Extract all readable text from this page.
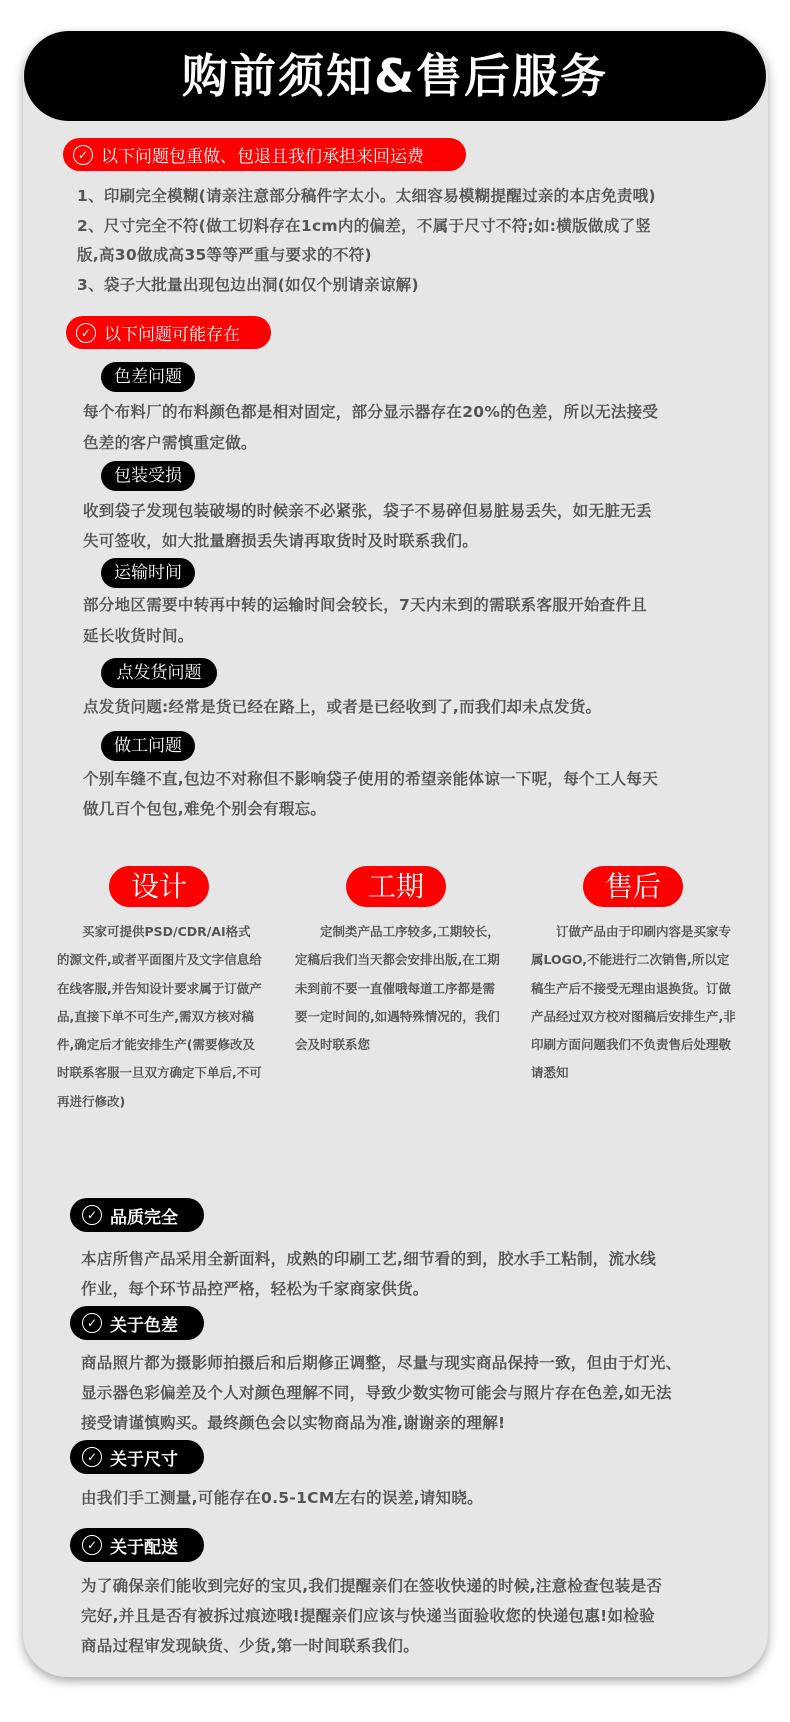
购前须知&售后服务
✓ 以下问题包重做、包退且我们承担来回运费
1、印刷完全模糊(请亲注意部分稿件字太小。太细容易模糊提醒过亲的本店免责哦)
2、尺寸完全不符(做工切料存在1cm内的偏差，不属于尺寸不符;如:横版做成了竖
版,高30做成高35等等严重与要求的不符)
3、袋子大批量出现包边出洞(如仅个别请亲谅解)
✓ 以下问题可能存在
色差问题
每个布料厂的布料颜色都是相对固定，部分显示器存在20%的色差，所以无法接受
色差的客户需慎重定做。
包装受损
收到袋子发现包装破埸的时候亲不必紧张，袋子不易碎但易脏易丢失，如无脏无丢
失可签收，如大批量磨损丢失请再取货时及时联系我们。
运输时间
部分地区需要中转再中转的运输时间会较长，7天内未到的需联系客服开始查件且
延长收货时间。
点发货问题
点发货问题:经常是货已经在路上，或者是已经收到了,而我们却未点发货。
做工问题
个别车缝不直,包边不对称但不影响袋子使用的希望亲能体谅一下呢，每个工人每天
做几百个包包,难免个别会有瑕忘。
设计	工期	售后

买家可提供PSD/CDR/AI格式的源文件,或者平面图片及文字信息给在线客服,并告知设计要求属于订做产品,直接下单不可生产,需双方核对稿件,确定后才能安排生产(需要修改及时联系客服一旦双方确定下单后,不可再进行修改)

定制类产品工序较多,工期较长，定稿后我们当天都会安排出版,在工期未到前不要一直催哦每道工序都是需要一定时间的,如遇特殊情况的，我们会及时联系您

订做产品由于印刷内容是买家专属LOGO,不能进行二次销售,所以定稿生产后不接受无理由退换货。订做产品经过双方校对图稿后安排生产,非印刷方面问题我们不负责售后处理敬请悉知

✓ 品质完全
本店所售产品采用全新面料，成熟的印刷工艺,细节看的到，胶水手工粘制，流水线
作业，每个环节品控严格，轻松为千家商家供货。
✓ 关于色差
商品照片都为摄影师拍摄后和后期修正调整，尽量与现实商品保持一致，但由于灯光、
显示器色彩偏差及个人对颜色理解不同，导致少数实物可能会与照片存在色差,如无法
接受请谨慎购买。最终颜色会以实物商品为准,谢谢亲的理解!
✓ 关于尺寸
由我们手工测量,可能存在0.5-1CM左右的误差,请知晓。
✓ 关于配送
为了确保亲们能收到完好的宝贝,我们提醒亲们在签收快递的时候,注意检查包装是否
完好,并且是否有被拆过痕迹哦!提醒亲们应该与快递当面验收您的快递包惠!如检验
商品过程审发现缺货、少货,第一时间联系我们。
